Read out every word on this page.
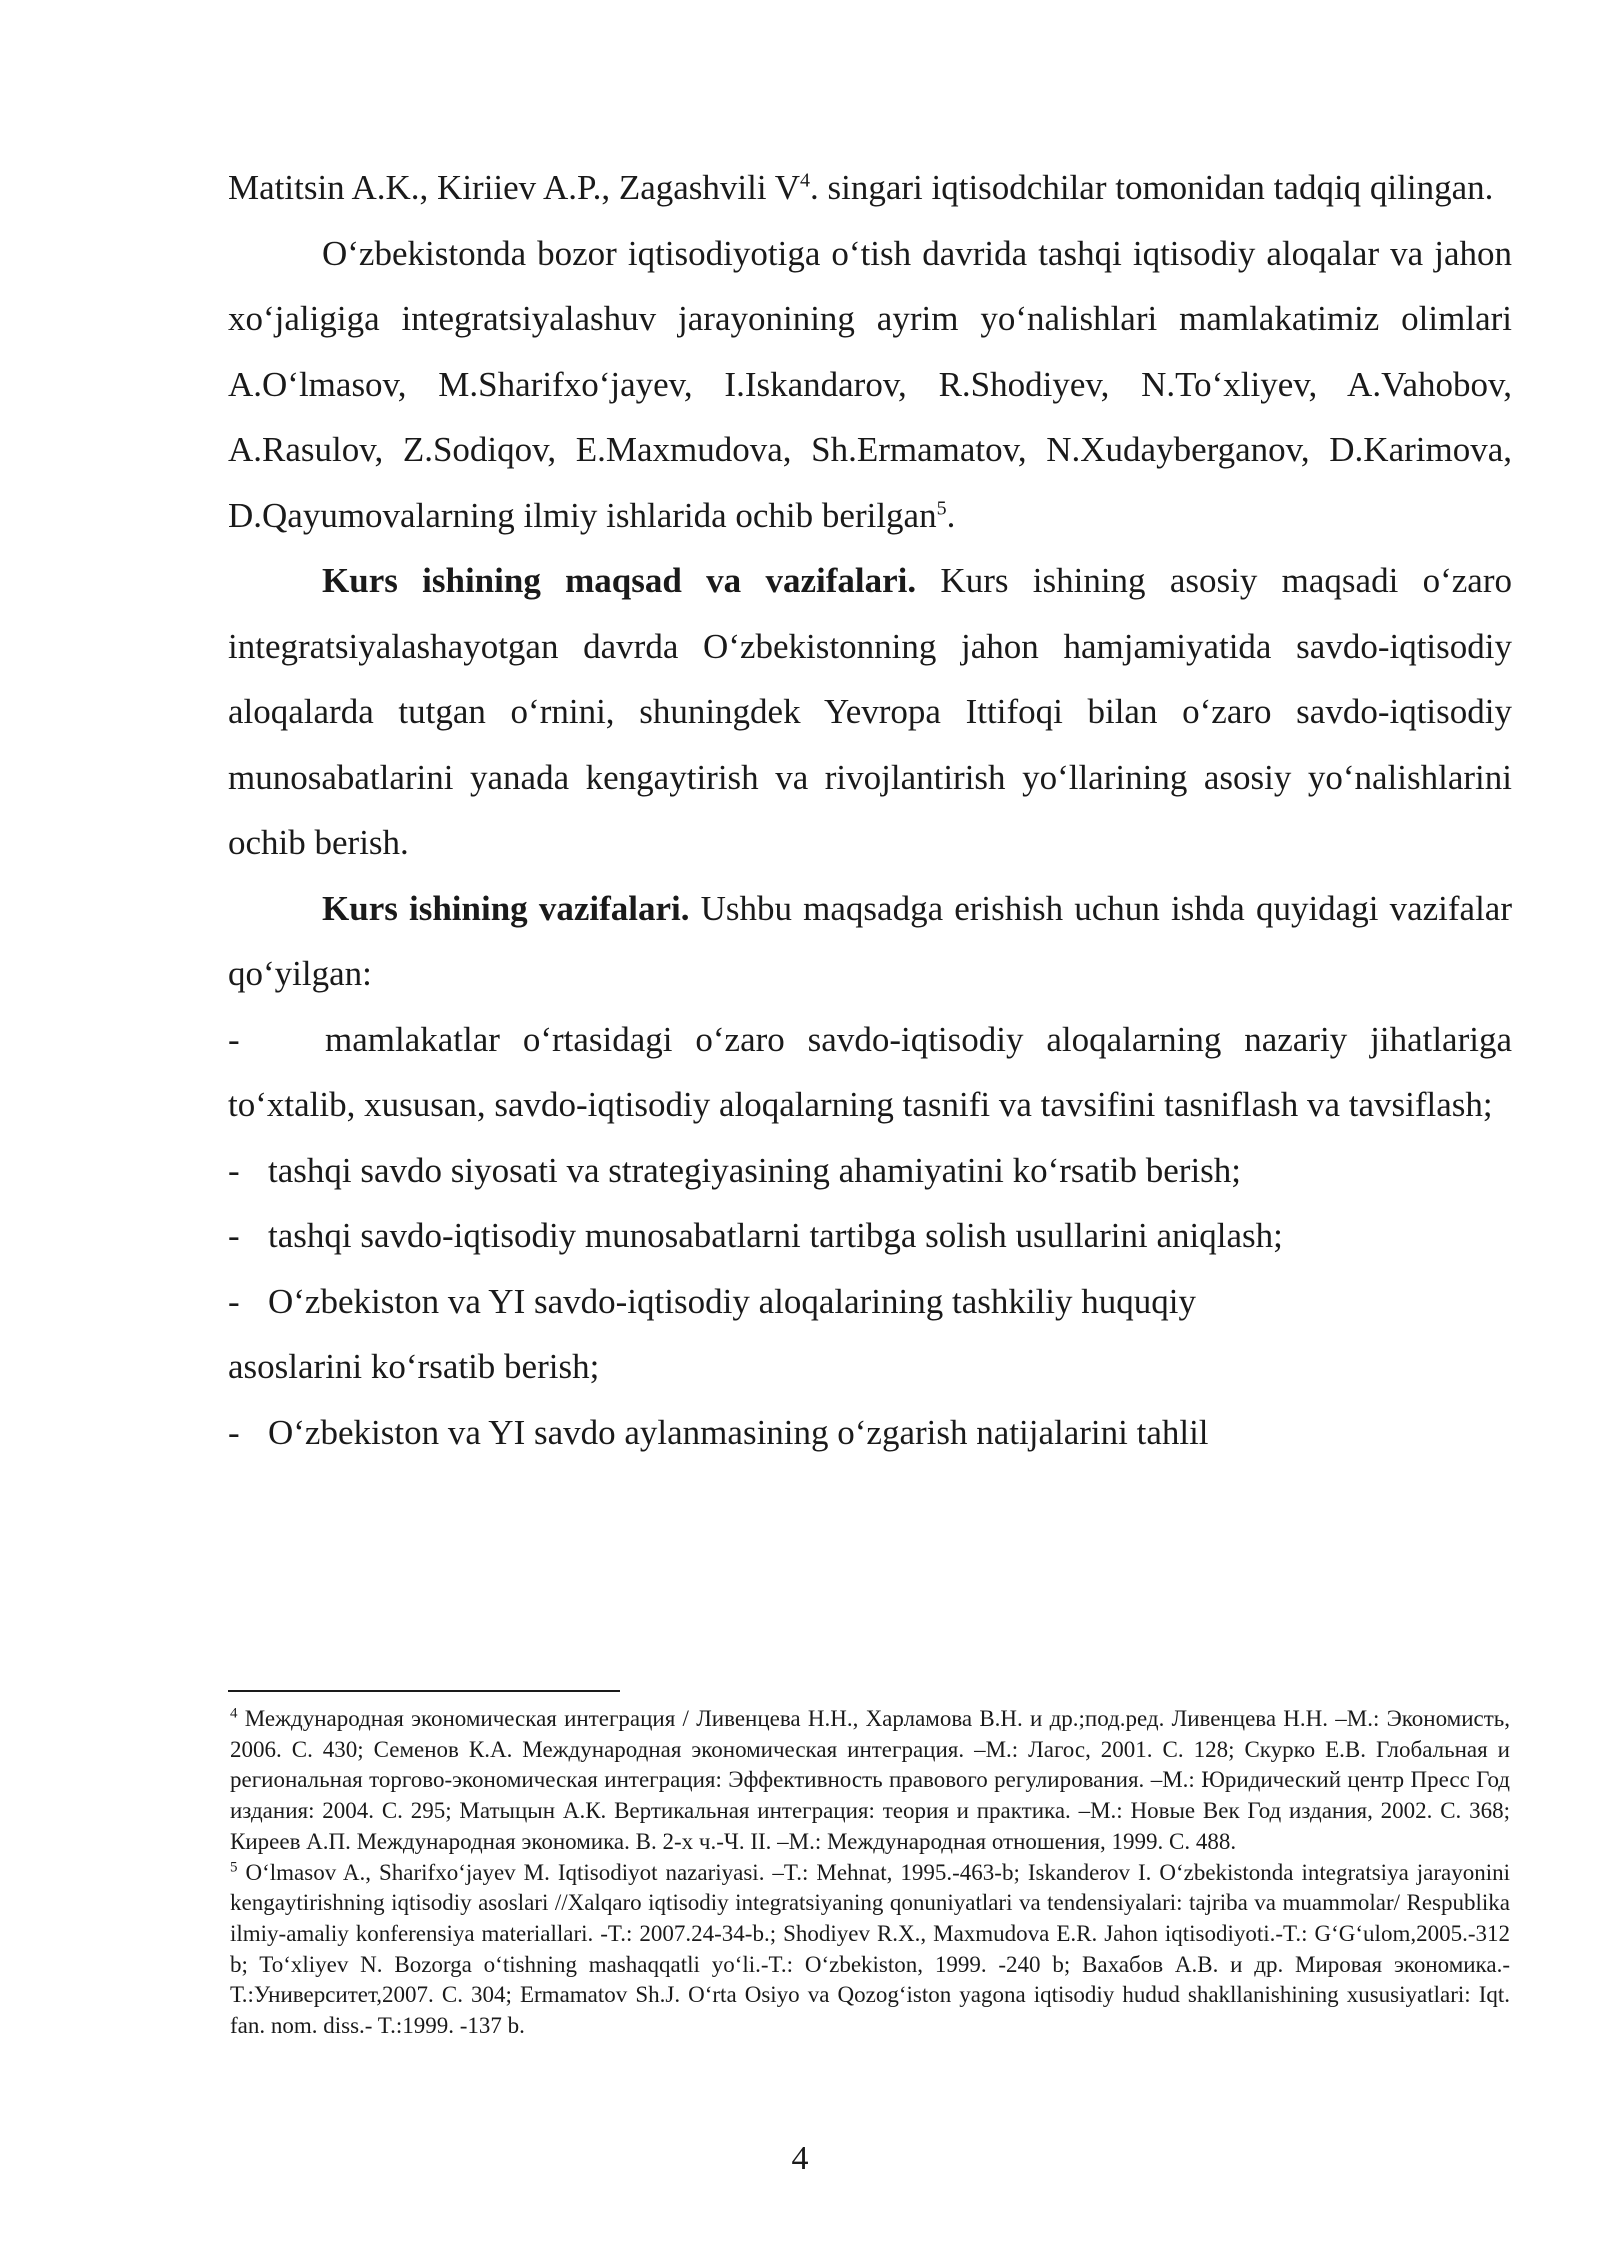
Matitsin A.K., Kiriiev A.P., Zagashvili $V^4$. singari iqtisodchilar tomonidan tadqiq qilingan.

O‘zbekistonda bozor iqtisodiyotiga o‘tish davrida tashqi iqtisodiy aloqalar va jahon xo‘jaligiga integratsiyalashuv jarayonining ayrim yo‘nalishlari mamlakatimiz olimlari A.O‘lmasov, M.Sharifxo‘jayev, I.Iskandarov, R.Shodiyev, N.To‘xliyev, A.Vahobov, A.Rasulov, Z.Sodiqov, E.Maxmudova, Sh.Ermamatov, N.Xudayberganov, D.Karimova, D.Qayumovalarning ilmiy ishlarida ochib berilgan$^5$.

Kurs ishining maqsad va vazifalari. Kurs ishining asosiy maqsadi o‘zaro integratsiyalashayotgan davrda O‘zbekistonning jahon hamjamiyatida savdo-iqtisodiy aloqalarda tutgan o‘rnini, shuningdek Yevropa Ittifoqi bilan o‘zaro savdo-iqtisodiy munosabatlarini yanada kengaytirish va rivojlantirish yo‘llarining asosiy yo‘nalishlarini ochib berish.

Kurs ishining vazifalari. Ushbu maqsadga erishish uchun ishda quyidagi vazifalar qo‘yilgan:

- mamlakatlar o‘rtasidagi o‘zaro savdo-iqtisodiy aloqalarning nazariy jihatlariga to‘xtalib, xususan, savdo-iqtisodiy aloqalarning tasnifi va tavsifini tasniflash va tavsiflash;

- tashqi savdo siyosati va strategiyasining ahamiyatini ko‘rsatib berish;

- tashqi savdo-iqtisodiy munosabatlarni tartibga solish usullarini aniqlash;

- O‘zbekiston va YI savdo-iqtisodiy aloqalarining tashkiliy huquqiy

asoslarini ko‘rsatib berish;

- O‘zbekiston va YI savdo aylanmasining o‘zgarish natijalarini tahlil

$^4$ Международная экономическая интеграция / Ливенцева Н.Н., Харламова В.Н. и др.;под.ред. Ливенцева Н.Н. –М.: Экономисть, 2006. С. 430; Семенов К.А. Международная экономическая интеграция. –М.: Лагос, 2001. С. 128; Скурко Е.В. Глобальная и региональная торгово-экономическая интеграция: Эффективность правового регулирования. –М.: Юридический центр Пресс Год издания: 2004. С. 295; Матыцын А.К. Вертикальная интеграция: теория и практика. –М.: Новые Век Год издания, 2002. С. 368; Киреев А.П. Международная экономика. В. 2-х ч.-Ч. II. –М.: Международная отношения, 1999. С. 488.

$^5$ O‘lmasov A., Sharifxo‘jayev M. Iqtisodiyot nazariyasi. –T.: Mehnat, 1995.-463-b; Iskanderov I. O‘zbekistonda integratsiya jarayonini kengaytirishning iqtisodiy asoslari //Xalqaro iqtisodiy integratsiyaning qonuniyatlari va tendensiyalari: tajriba va muammolar/ Respublika ilmiy-amaliy konferensiya materiallari. -T.: 2007.24-34-b.; Shodiyev R.X., Maxmudova E.R. Jahon iqtisodiyoti.-T.: G‘G‘ulom,2005.-312 b; To‘xliyev N. Bozorga o‘tishning mashaqqatli yo‘li.-T.: O‘zbekiston, 1999. -240 b; Вахабов А.В. и др. Мировая экономика.- Т.:Университет,2007. С. 304; Ermamatov Sh.J. O‘rta Osiyo va Qozog‘iston yagona iqtisodiy hudud shakllanishining xususiyatlari: Iqt. fan. nom. diss.- T.:1999. -137 b.

4
